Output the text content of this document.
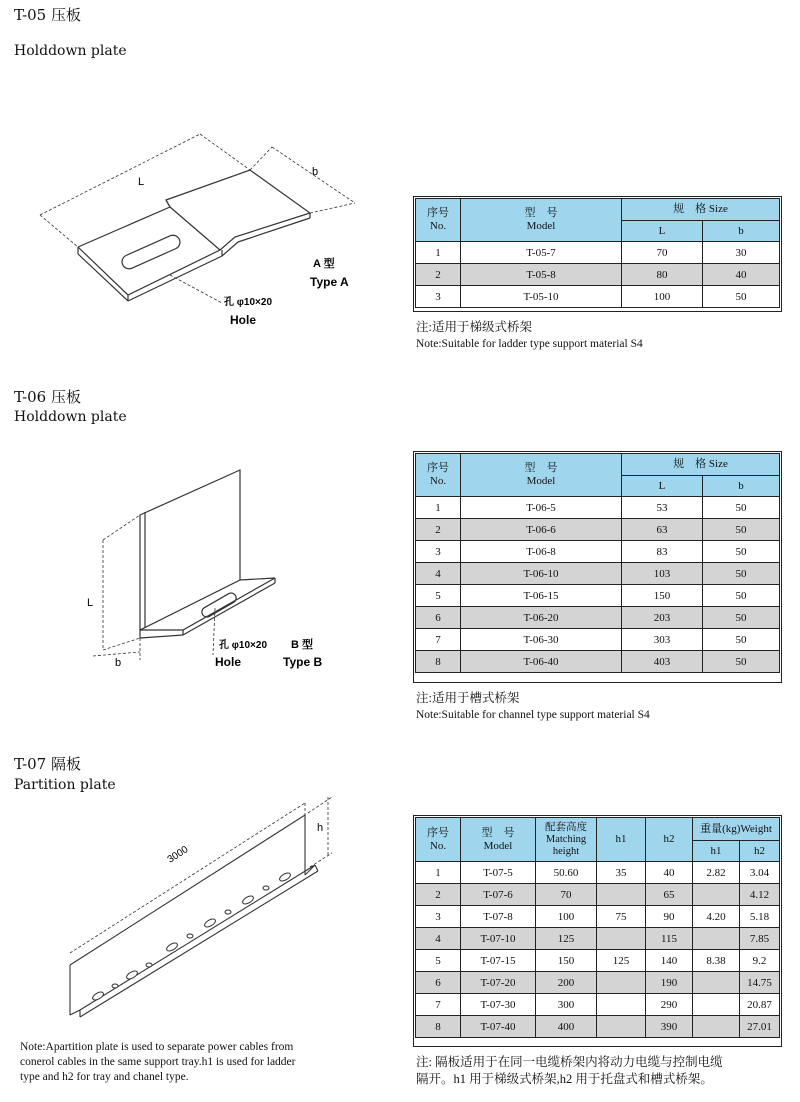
T-05 压板
Holddown plate
L
b
A 型
Type A
孔 φ10×20
Hole
序号
No.	型　号
Model	规　格 Size	
		L	b
1	T-05-7	70	30
2	T-05-8	80	40
3	T-05-10	100	50
注:适用于梯级式桥架
Note:Suitable for ladder type support material S4
T-06 压板
Holddown plate
L
b
孔 φ10×20
Hole
B 型
Type B
序号
No.	型　号
Model	规　格 Size	
		L	b
1	T-06-5	53	50
2	T-06-6	63	50
3	T-06-8	83	50
4	T-06-10	103	50
5	T-06-15	150	50
6	T-06-20	203	50
7	T-06-30	303	50
8	T-06-40	403	50
注:适用于槽式桥架
Note:Suitable for channel type support material S4
T-07 隔板
Partition plate
3000
h	序号
No.	型　号
Model	配套高度
Matching
height	h1	h2	重量(kg)Weight	
					h1	h2
1	T-07-5	50.60	35	40	2.82	3.04
2	T-07-6	70		65		4.12
3	T-07-8	100	75	90	4.20	5.18
4	T-07-10	125		115		7.85
5	T-07-15	150	125	140	8.38	9.2
6	T-07-20	200		190		14.75
7	T-07-30	300		290		20.87
8	T-07-40	400		390		27.01
Note:Apartition plate is used to separate power cables from
conerol cables in the same support tray.h1 is used for ladder
type and h2 for tray and chanel type.
注: 隔板适用于在同一电缆桥架内将动力电缆与控制电缆
隔开。h1 用于梯级式桥架,h2 用于托盘式和槽式桥架。
